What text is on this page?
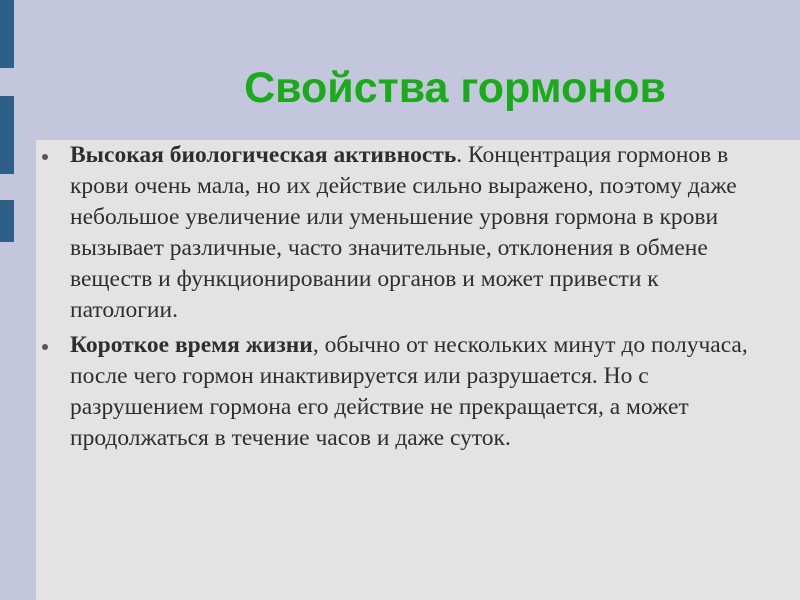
Свойства гормонов
Высокая биологическая активность. Концентрация гормонов в крови очень мала, но их действие сильно выражено, поэтому даже небольшое увеличение или уменьшение уровня гормона в крови вызывает различные, часто значительные, отклонения в обмене веществ и функционировании органов и может привести к патологии.
Короткое время жизни, обычно от нескольких минут до получаса, после чего гормон инактивируется или разрушается. Но с разрушением гормона его действие не прекращается, а может продолжаться в течение часов и даже суток.
